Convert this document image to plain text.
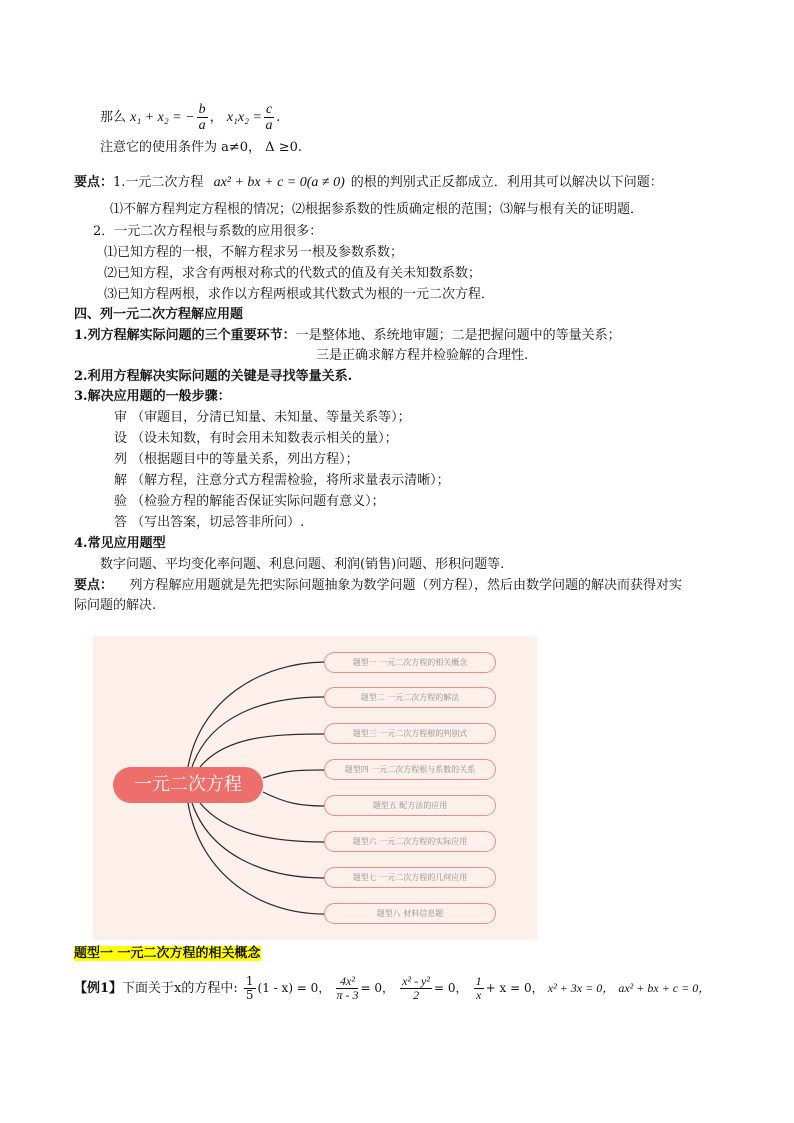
那么 x₁ + x₂ = − $\frac{b}{a}$ ， $x_1x_2 = \frac{c}{a}$ .
注意它的使用条件为 a≠0， Δ ≥0.
要点：1.一元二次方程 ax² + bx + c = 0(a ≠ 0) 的根的判别式正反都成立．利用其可以解决以下问题：
⑴不解方程判定方程根的情况；⑵根据参系数的性质确定根的范围；⑶解与根有关的证明题．
2．一元二次方程根与系数的应用很多：
⑴已知方程的一根，不解方程求另一根及参数系数；
⑵已知方程，求含有两根对称式的代数式的值及有关未知数系数；
⑶已知方程两根，求作以方程两根或其代数式为根的一元二次方程．
四、列一元二次方程解应用题
1.列方程解实际问题的三个重要环节：一是整体地、系统地审题；二是把握问题中的等量关系；
三是正确求解方程并检验解的合理性.
2.利用方程解决实际问题的关键是寻找等量关系.
3.解决应用题的一般步骤：
审 （审题目，分清已知量、未知量、等量关系等）；
设 （设未知数，有时会用未知数表示相关的量）；
列 （根据题目中的等量关系，列出方程）；
解 （解方程，注意分式方程需检验，将所求量表示清晰）；
验 （检验方程的解能否保证实际问题有意义）；
答 （写出答案，切忌答非所问）.
4.常见应用题型
数字问题、平均变化率问题、利息问题、利润(销售)问题、形积问题等.
要点：    列方程解应用题就是先把实际问题抽象为数学问题（列方程），然后由数学问题的解决而获得对实
际问题的解决.
一元二次方程
题型一 一元二次方程的相关概念
题型二 一元二次方程的解法
题型三 一元二次方程根的判别式
题型四 一元二次方程根与系数的关系
题型五 配方法的应用
题型六 一元二次方程的实际应用
题型七 一元二次方程的几何应用
题型八 材料信息题
题型一 一元二次方程的相关概念
【例1】下面关于x的方程中: $\frac{1}{5} (1 - x) = 0$， $\frac{\text{4x²}}{\pi - 3} = 0$， $\frac{\text{x² - y²}}{2} = 0$， $\frac{1}{x} + x = 0$， x² + 3x = 0， ax² + bx + c = 0，
